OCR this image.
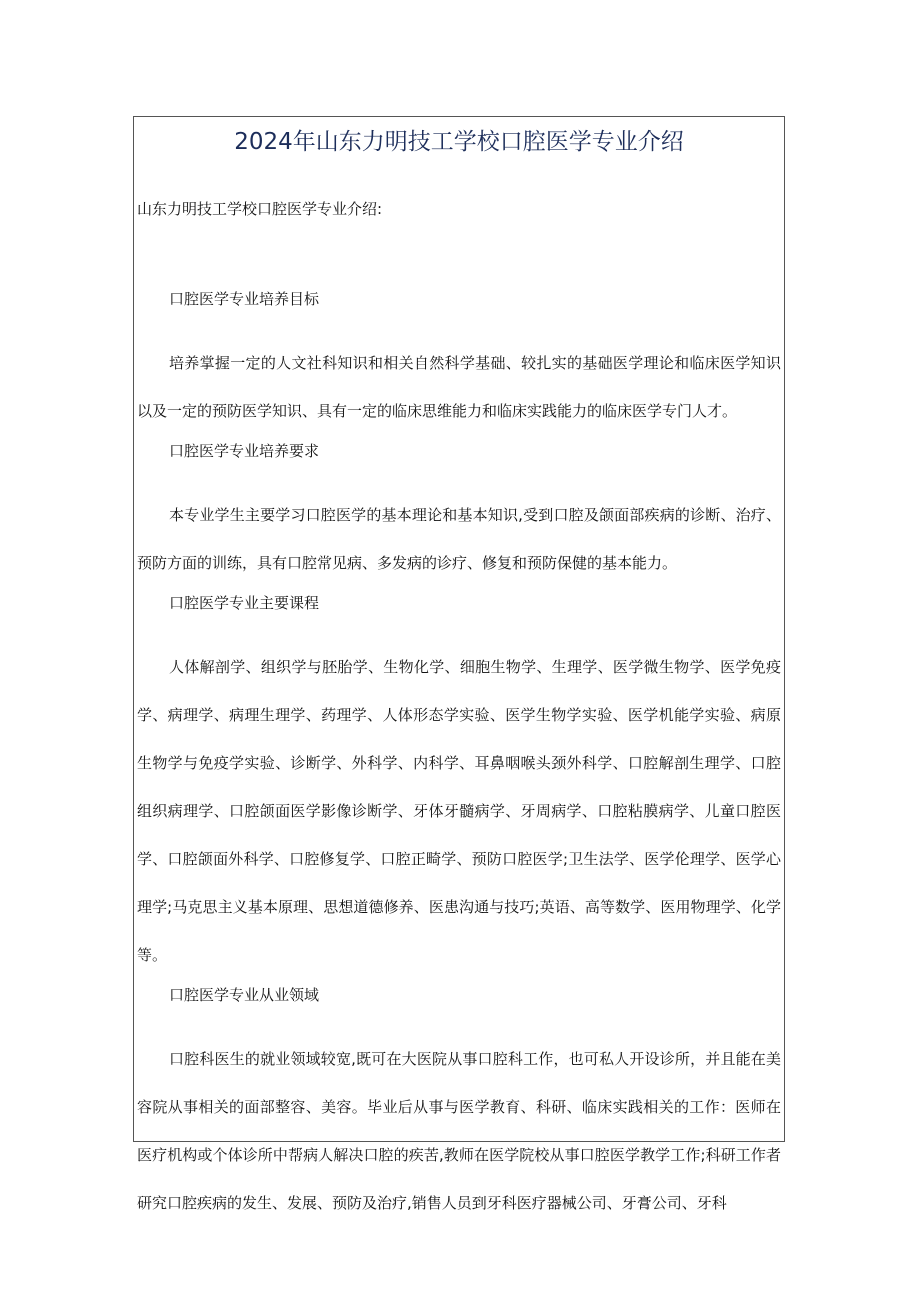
2024年山东力明技工学校口腔医学专业介绍
山东力明技工学校口腔医学专业介绍:

口腔医学专业培养目标

培养掌握一定的人文社科知识和相关自然科学基础、较扎实的基础医学理论和临床医学知识以及一定的预防医学知识、具有一定的临床思维能力和临床实践能力的临床医学专门人才。

口腔医学专业培养要求

本专业学生主要学习口腔医学的基本理论和基本知识,受到口腔及颌面部疾病的诊断、治疗、预防方面的训练，具有口腔常见病、多发病的诊疗、修复和预防保健的基本能力。

口腔医学专业主要课程

人体解剖学、组织学与胚胎学、生物化学、细胞生物学、生理学、医学微生物学、医学免疫学、病理学、病理生理学、药理学、人体形态学实验、医学生物学实验、医学机能学实验、病原生物学与免疫学实验、诊断学、外科学、内科学、耳鼻咽喉头颈外科学、口腔解剖生理学、口腔组织病理学、口腔颌面医学影像诊断学、牙体牙髓病学、牙周病学、口腔粘膜病学、儿童口腔医学、口腔颌面外科学、口腔修复学、口腔正畸学、预防口腔医学;卫生法学、医学伦理学、医学心理学;马克思主义基本原理、思想道德修养、医患沟通与技巧;英语、高等数学、医用物理学、化学等。

口腔医学专业从业领域

口腔科医生的就业领域较宽,既可在大医院从事口腔科工作，也可私人开设诊所，并且能在美容院从事相关的面部整容、美容。毕业后从事与医学教育、科研、临床实践相关的工作：医师在医疗机构或个体诊所中帮病人解决口腔的疾苦,教师在医学院校从事口腔医学教学工作;科研工作者研究口腔疾病的发生、发展、预防及治疗,销售人员到牙科医疗器械公司、牙膏公司、牙科
